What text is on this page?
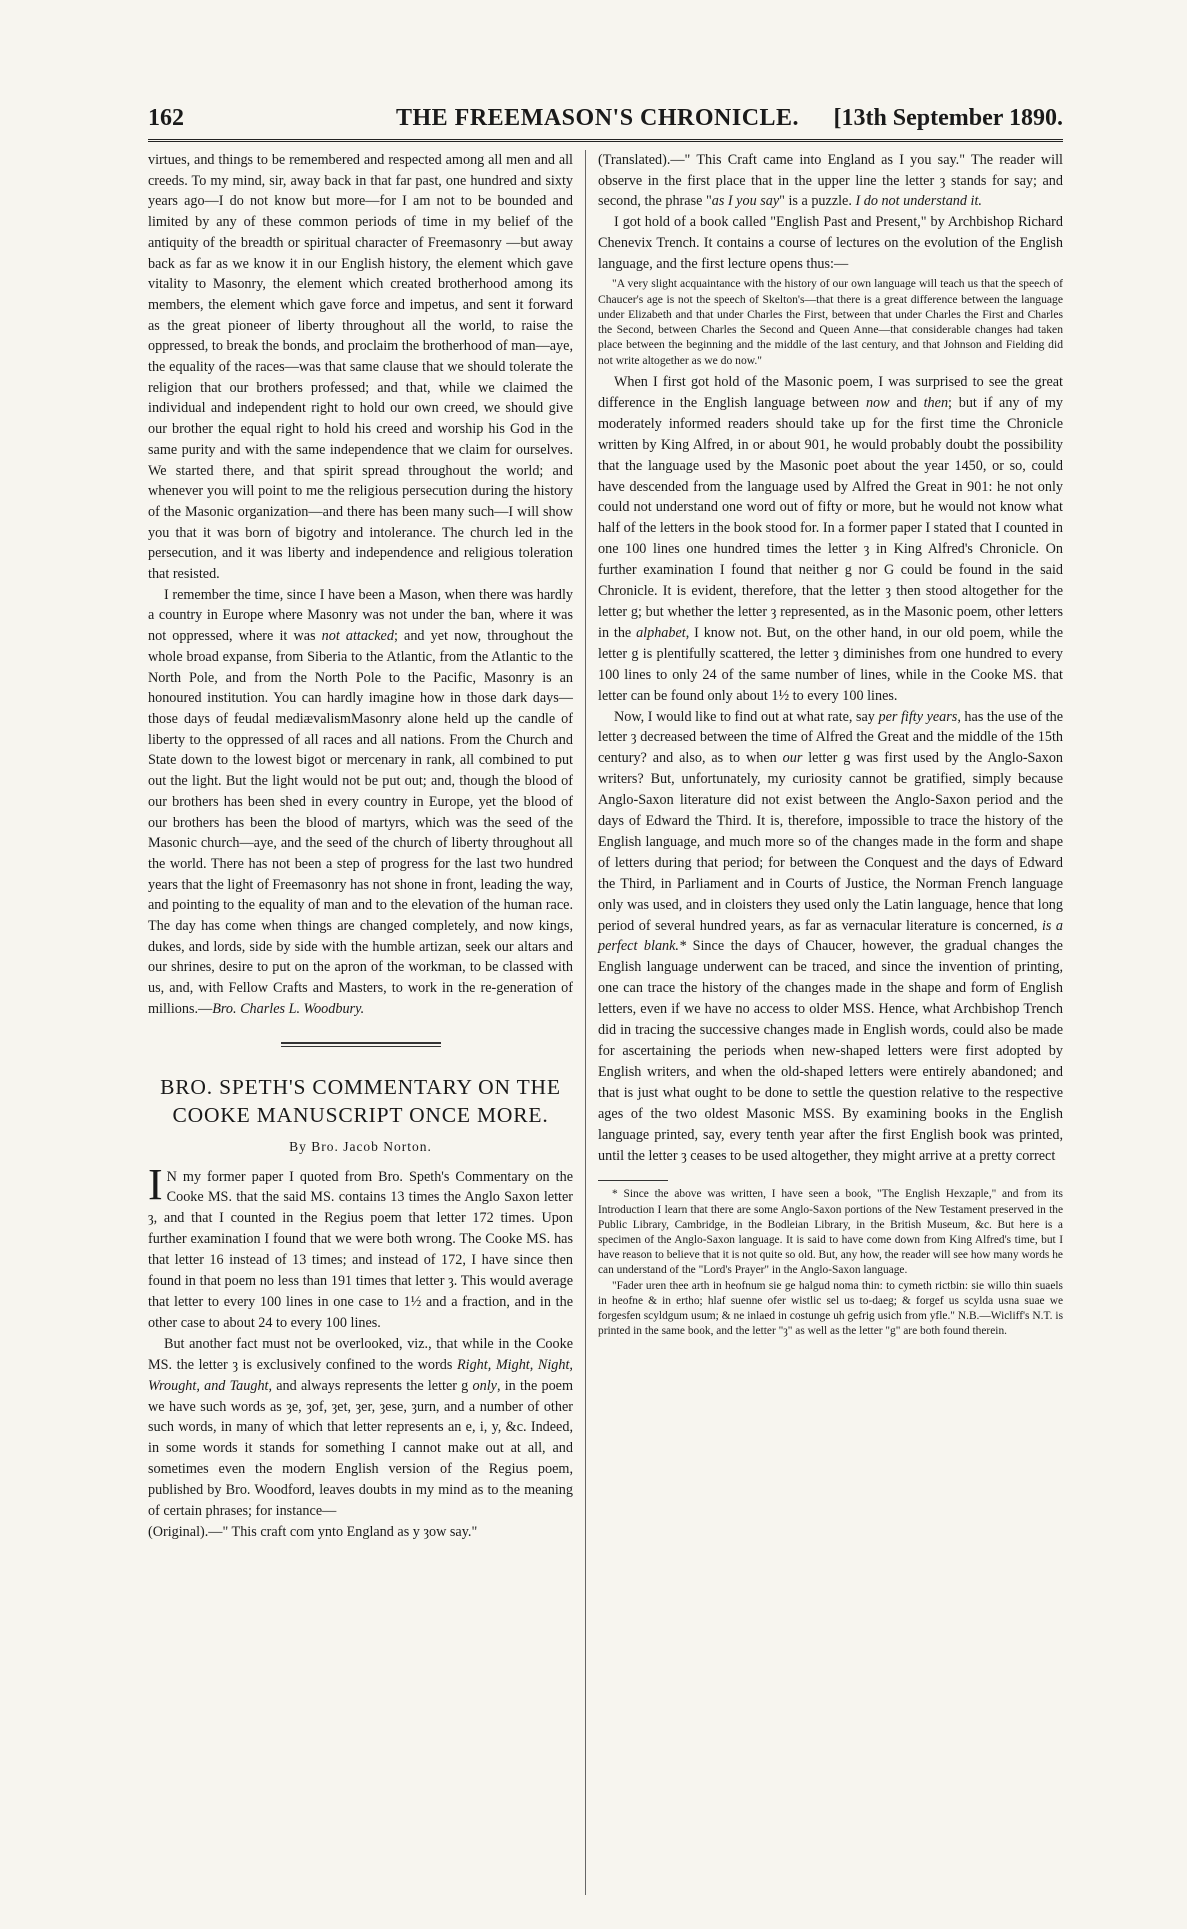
162	THE FREEMASON'S CHRONICLE. [13th September 1890.

virtues, and things to be remembered and respected among all men and all creeds. To my mind, sir, away back in that far past, one hundred and sixty years ago—I do not know but more—for I am not to be bounded and limited by any of these common periods of time in my belief of the antiquity of the breadth or spiritual character of Freemasonry —but away back as far as we know it in our English history, the element which gave vitality to Masonry, the element which created brotherhood among its members, the element which gave force and impetus, and sent it forward as the great pioneer of liberty throughout all the world, to raise the oppressed, to break the bonds, and proclaim the brotherhood of man—aye, the equality of the races—was that same clause that we should tolerate the religion that our brothers professed; and that, while we claimed the individual and independent right to hold our own creed, we should give our brother the equal right to hold his creed and worship his God in the same purity and with the same independence that we claim for ourselves. We started there, and that spirit spread throughout the world; and whenever you will point to me the religious persecution during the history of the Masonic organization—and there has been many such—I will show you that it was born of bigotry and intolerance. The church led in the persecution, and it was liberty and independence and religious toleration that resisted.

I remember the time, since I have been a Mason, when there was hardly a country in Europe where Masonry was not under the ban, where it was not oppressed, where it was not attacked; and yet now, throughout the whole broad expanse, from Siberia to the Atlantic, from the Atlantic to the North Pole, and from the North Pole to the Pacific, Masonry is an honoured institution. You can hardly imagine how in those dark days—those days of feudal mediævalismMasonry alone held up the candle of liberty to the oppressed of all races and all nations. From the Church and State down to the lowest bigot or mercenary in rank, all combined to put out the light. But the light would not be put out; and, though the blood of our brothers has been shed in every country in Europe, yet the blood of our brothers has been the blood of martyrs, which was the seed of the Masonic church—aye, and the seed of the church of liberty throughout all the world. There has not been a step of progress for the last two hundred years that the light of Freemasonry has not shone in front, leading the way, and pointing to the equality of man and to the elevation of the human race. The day has come when things are changed completely, and now kings, dukes, and lords, side by side with the humble artizan, seek our altars and our shrines, desire to put on the apron of the workman, to be classed with us, and, with Fellow Crafts and Masters, to work in the re-generation of millions.—Bro. Charles L. Woodbury.

BRO. SPETH'S COMMENTARY ON THE COOKE MANUSCRIPT ONCE MORE.
By Bro. Jacob Norton.

I N my former paper I quoted from Bro. Speth's Commentary on the Cooke MS. that the said MS. contains 13 times the Anglo Saxon letter ȝ, and that I counted in the Regius poem that letter 172 times. Upon further examination I found that we were both wrong. The Cooke MS. has that letter 16 instead of 13 times; and instead of 172, I have since then found in that poem no less than 191 times that letter ȝ. This would average that letter to every 100 lines in one case to 1½ and a fraction, and in the other case to about 24 to every 100 lines.

But another fact must not be overlooked, viz., that while in the Cooke MS. the letter ȝ is exclusively confined to the words Right, Might, Night, Wrought, and Taught, and always represents the letter g only, in the poem we have such words as ȝe, ȝof, ȝet, ȝer, ȝese, ȝurn, and a number of other such words, in many of which that letter represents an e, i, y, &c. Indeed, in some words it stands for something I cannot make out at all, and sometimes even the modern English version of the Regius poem, published by Bro. Woodford, leaves doubts in my mind as to the meaning of certain phrases; for instance—

(Original).—" This craft com ynto England as y ȝow say."

(Translated).—" This Craft came into England as I you say." The reader will observe in the first place that in the upper line the letter ȝ stands for say; and second, the phrase "as I you say" is a puzzle. I do not understand it.

I got hold of a book called "English Past and Present," by Archbishop Richard Chenevix Trench. It contains a course of lectures on the evolution of the English language, and the first lecture opens thus:—

"A very slight acquaintance with the history of our own language will teach us that the speech of Chaucer's age is not the speech of Skelton's—that there is a great difference between the language under Elizabeth and that under Charles the First, between that under Charles the First and Charles the Second, between Charles the Second and Queen Anne—that considerable changes had taken place between the beginning and the middle of the last century, and that Johnson and Fielding did not write altogether as we do now."

When I first got hold of the Masonic poem, I was surprised to see the great difference in the English language between now and then; but if any of my moderately informed readers should take up for the first time the Chronicle written by King Alfred, in or about 901, he would probably doubt the possibility that the language used by the Masonic poet about the year 1450, or so, could have descended from the language used by Alfred the Great in 901: he not only could not understand one word out of fifty or more, but he would not know what half of the letters in the book stood for. In a former paper I stated that I counted in one 100 lines one hundred times the letter ȝ in King Alfred's Chronicle. On further examination I found that neither g nor G could be found in the said Chronicle. It is evident, therefore, that the letter ȝ then stood altogether for the letter g; but whether the letter ȝ represented, as in the Masonic poem, other letters in the alphabet, I know not. But, on the other hand, in our old poem, while the letter g is plentifully scattered, the letter ȝ diminishes from one hundred to every 100 lines to only 24 of the same number of lines, while in the Cooke MS. that letter can be found only about 1½ to every 100 lines.

Now, I would like to find out at what rate, say per fifty years, has the use of the letter ȝ decreased between the time of Alfred the Great and the middle of the 15th century? and also, as to when our letter g was first used by the Anglo-Saxon writers? But, unfortunately, my curiosity cannot be gratified, simply because Anglo-Saxon literature did not exist between the Anglo-Saxon period and the days of Edward the Third. It is, therefore, impossible to trace the history of the English language, and much more so of the changes made in the form and shape of letters during that period; for between the Conquest and the days of Edward the Third, in Parliament and in Courts of Justice, the Norman French language only was used, and in cloisters they used only the Latin language, hence that long period of several hundred years, as far as vernacular literature is concerned, is a perfect blank.* Since the days of Chaucer, however, the gradual changes the English language underwent can be traced, and since the invention of printing, one can trace the history of the changes made in the shape and form of English letters, even if we have no access to older MSS. Hence, what Archbishop Trench did in tracing the successive changes made in English words, could also be made for ascertaining the periods when new-shaped letters were first adopted by English writers, and when the old-shaped letters were entirely abandoned; and that is just what ought to be done to settle the question relative to the respective ages of the two oldest Masonic MSS. By examining books in the English language printed, say, every tenth year after the first English book was printed, until the letter ȝ ceases to be used altogether, they might arrive at a pretty correct

* Since the above was written, I have seen a book, "The English Hexzaple," and from its Introduction I learn that there are some Anglo-Saxon portions of the New Testament preserved in the Public Library, Cambridge, in the Bodleian Library, in the British Museum, &c. But here is a specimen of the Anglo-Saxon language. It is said to have come down from King Alfred's time, but I have reason to believe that it is not quite so old. But, any how, the reader will see how many words he can understand of the "Lord's Prayer" in the Anglo-Saxon language.

"Fader uren thee arth in heofnum sie ge halgud noma thin: to cymeth rictbin: sie willo thin suaels in heofne & in ertho; hlaf suenne ofer wistlic sel us to-daeg; & forgef us scylda usna suae we forgesfen scyldgum usum; & ne inlaed in costunge uh gefrig usich from yfle." N.B.—Wicliff's N.T. is printed in the same book, and the letter "ȝ" as well as the letter "g" are both found therein.
